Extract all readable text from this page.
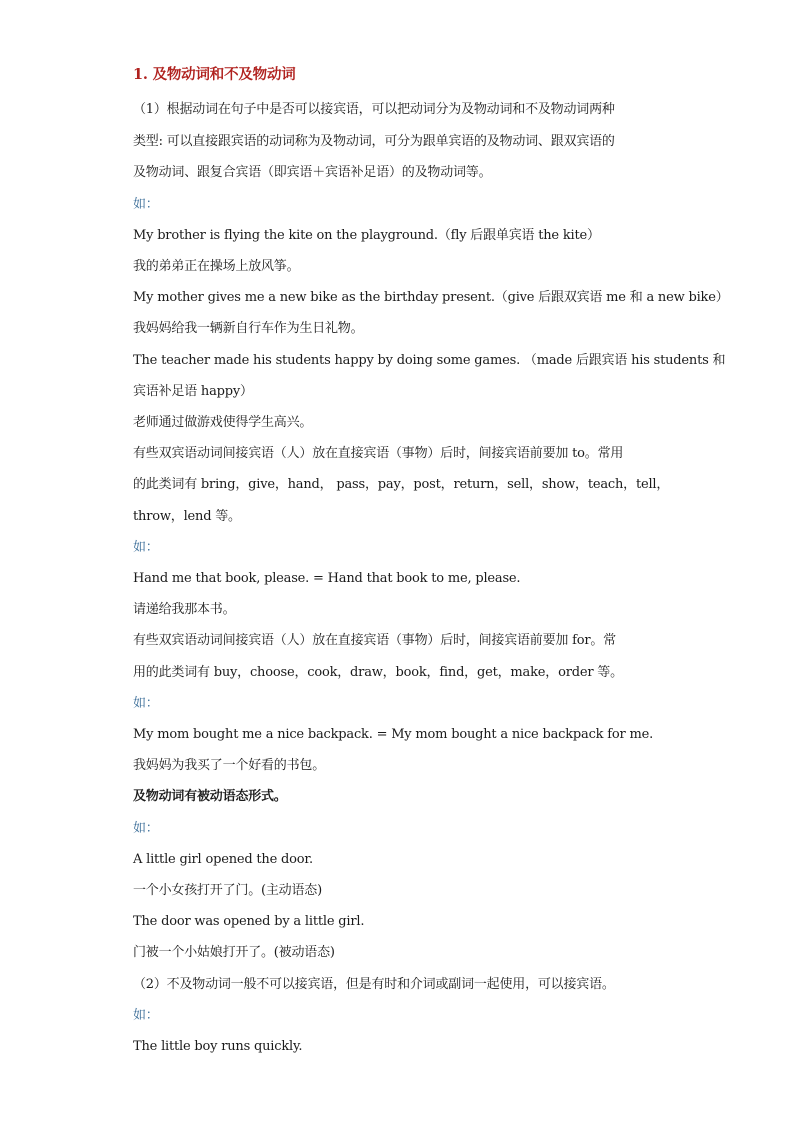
1. 及物动词和不及物动词
（1）根据动词在句子中是否可以接宾语，可以把动词分为及物动词和不及物动词两种
类型: 可以直接跟宾语的动词称为及物动词，可分为跟单宾语的及物动词、跟双宾语的
及物动词、跟复合宾语（即宾语＋宾语补足语）的及物动词等。
如：
My brother is flying the kite on the playground.（fly 后跟单宾语 the kite）
我的弟弟正在操场上放风筝。
My mother gives me a new bike as the birthday present.（give 后跟双宾语 me 和 a new bike）
我妈妈给我一辆新自行车作为生日礼物。
The teacher made his students happy by doing some games. （made 后跟宾语 his students 和
宾语补足语 happy）
老师通过做游戏使得学生高兴。
有些双宾语动词间接宾语（人）放在直接宾语（事物）后时，间接宾语前要加 to。常用
的此类词有 bring，give，hand， pass，pay，post，return，sell，show，teach，tell，
throw，lend 等。
如：
Hand me that book, please. = Hand that book to me, please.
请递给我那本书。
有些双宾语动词间接宾语（人）放在直接宾语（事物）后时，间接宾语前要加 for。常
用的此类词有 buy，choose，cook，draw，book，find，get，make，order 等。
如：
My mom bought me a nice backpack. = My mom bought a nice backpack for me.
我妈妈为我买了一个好看的书包。
及物动词有被动语态形式。
如：
A little girl opened the door.
一个小女孩打开了门。(主动语态)
The door was opened by a little girl.
门被一个小姑娘打开了。(被动语态)
（2）不及物动词一般不可以接宾语，但是有时和介词或副词一起使用，可以接宾语。
如：
The little boy runs quickly.
